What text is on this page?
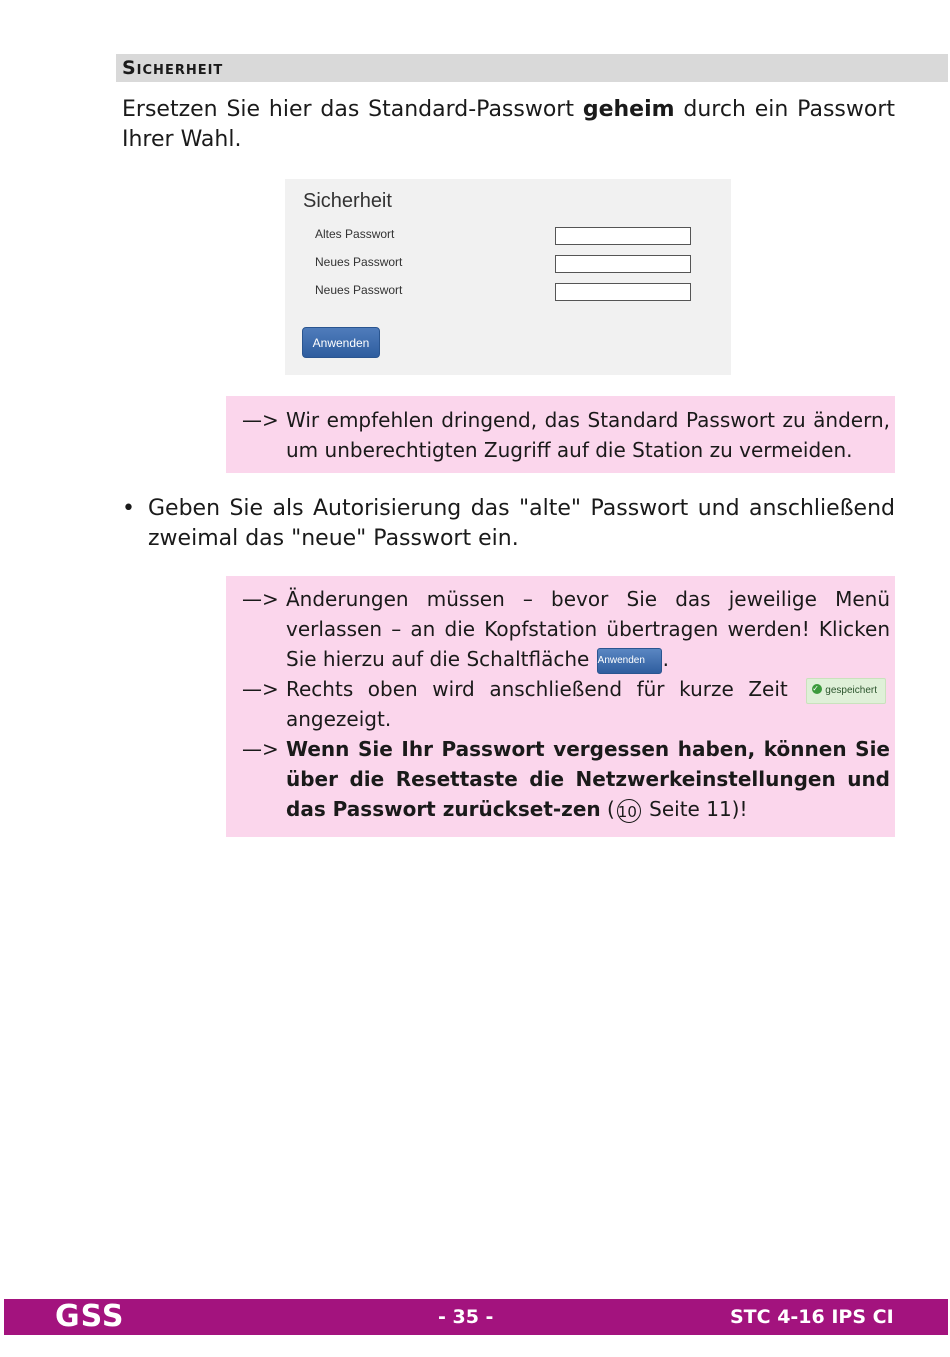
Sicherheit
Ersetzen Sie hier das Standard-Passwort geheim durch ein Passwort Ihrer Wahl.
Sicherheit
Altes Passwort
Neues Passwort
Neues Passwort
Anwenden
—> Wir empfehlen dringend, das Standard Passwort zu ändern, um unberechtigten Zugriff auf die Station zu vermeiden.
• Geben Sie als Autorisierung das "alte" Passwort und anschließend zweimal das "neue" Passwort ein.
—> Änderungen müssen – bevor Sie das jeweilige Menü verlassen – an die Kopfstation übertragen werden! Klicken Sie hierzu auf die Schaltfläche Anwenden .
—> Rechts oben wird anschließend für kurze Zeit ✓ gespeichert angezeigt.
—> Wenn Sie Ihr Passwort vergessen haben, können Sie über die Resettaste die Netzwerkeinstellungen und das Passwort zurückset-zen ( 10 Seite 11)!
GSS	- 35 -	STC 4-16 IPS CI
